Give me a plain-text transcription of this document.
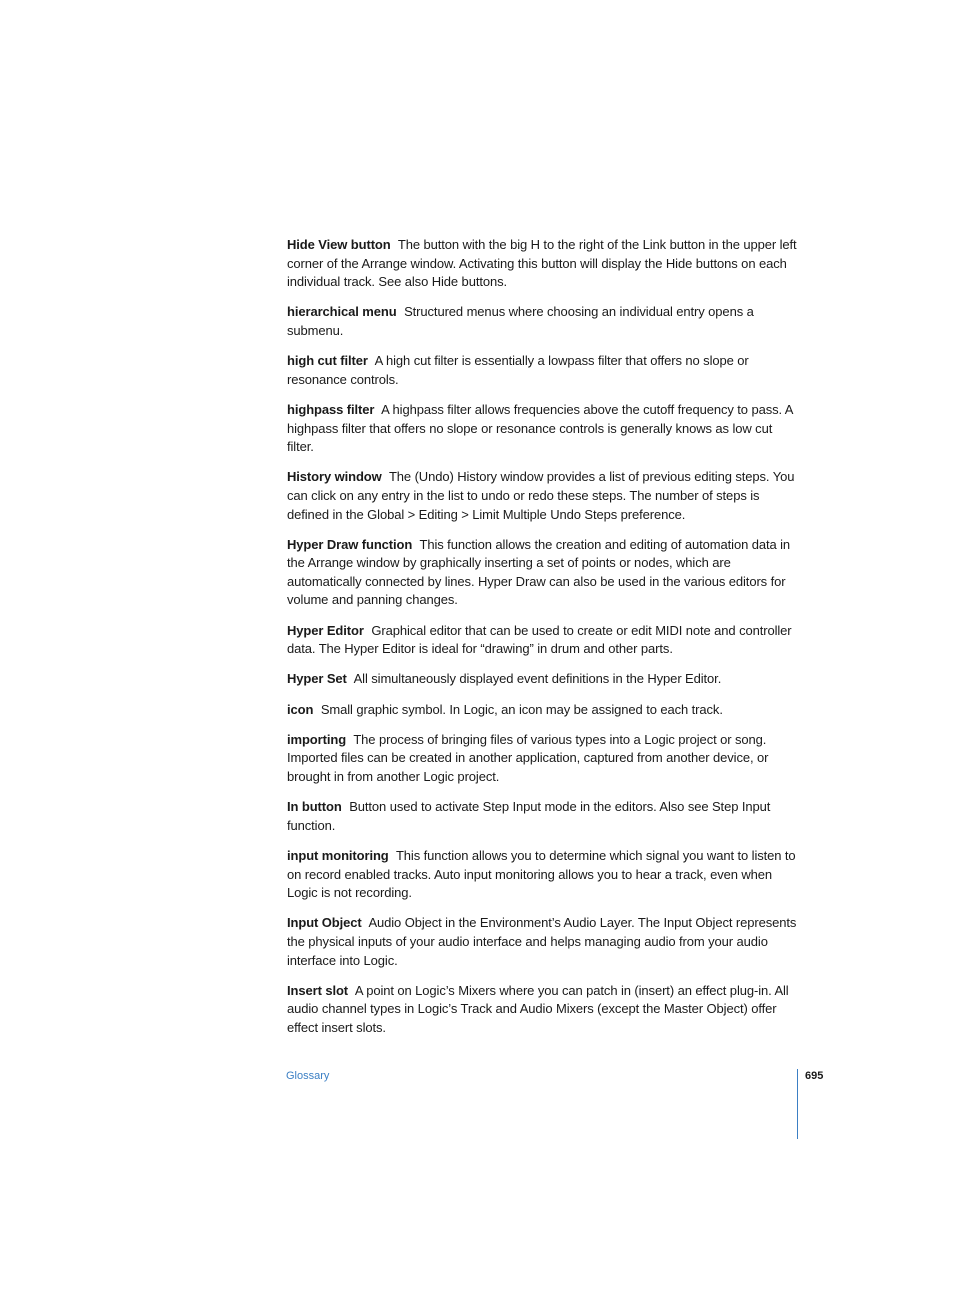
Hide View button The button with the big H to the right of the Link button in the upper left corner of the Arrange window. Activating this button will display the Hide buttons on each individual track. See also Hide buttons.

hierarchical menu Structured menus where choosing an individual entry opens a submenu.

high cut filter A high cut filter is essentially a lowpass filter that offers no slope or resonance controls.

highpass filter A highpass filter allows frequencies above the cutoff frequency to pass. A highpass filter that offers no slope or resonance controls is generally knows as low cut filter.

History window The (Undo) History window provides a list of previous editing steps. You can click on any entry in the list to undo or redo these steps. The number of steps is defined in the Global > Editing > Limit Multiple Undo Steps preference.

Hyper Draw function This function allows the creation and editing of automation data in the Arrange window by graphically inserting a set of points or nodes, which are automatically connected by lines. Hyper Draw can also be used in the various editors for volume and panning changes.

Hyper Editor Graphical editor that can be used to create or edit MIDI note and controller data. The Hyper Editor is ideal for “drawing” in drum and other parts.

Hyper Set All simultaneously displayed event definitions in the Hyper Editor.

icon Small graphic symbol. In Logic, an icon may be assigned to each track.

importing The process of bringing files of various types into a Logic project or song. Imported files can be created in another application, captured from another device, or brought in from another Logic project.

In button Button used to activate Step Input mode in the editors. Also see Step Input function.

input monitoring This function allows you to determine which signal you want to listen to on record enabled tracks. Auto input monitoring allows you to hear a track, even when Logic is not recording.

Input Object Audio Object in the Environment’s Audio Layer. The Input Object represents the physical inputs of your audio interface and helps managing audio from your audio interface into Logic.

Insert slot A point on Logic’s Mixers where you can patch in (insert) an effect plug-in. All audio channel types in Logic’s Track and Audio Mixers (except the Master Object) offer effect insert slots.

Glossary	695
